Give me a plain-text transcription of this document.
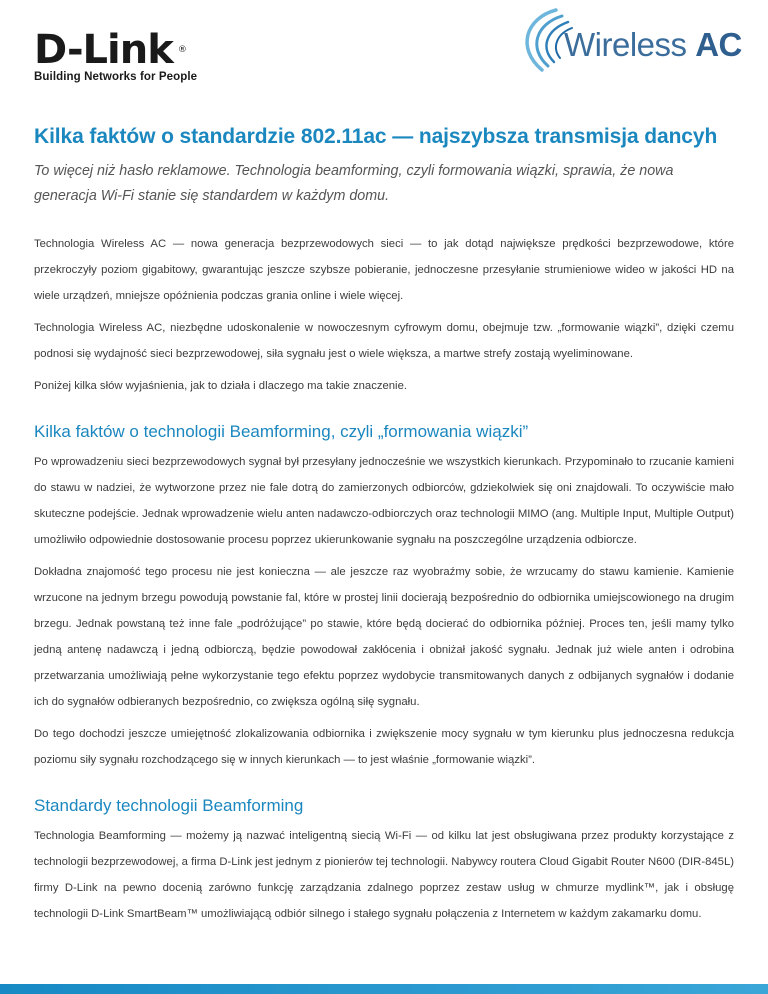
D-Link ®
Building Networks for People
Wireless AC
Kilka faktów o standardzie 802.11ac — najszybsza transmisja dancyh

To więcej niż hasło reklamowe. Technologia beamforming, czyli formowania wiązki, sprawia, że nowa generacja Wi-Fi stanie się standardem w każdym domu.

Technologia Wireless AC — nowa generacja bezprzewodowych sieci — to jak dotąd największe prędkości bezprzewodowe, które przekroczyły poziom gigabitowy, gwarantując jeszcze szybsze pobieranie, jednoczesne przesyłanie strumieniowe wideo w jakości HD na wiele urządzeń, mniejsze opóźnienia podczas grania online i wiele więcej.

Technologia Wireless AC, niezbędne udoskonalenie w nowoczesnym cyfrowym domu, obejmuje tzw. „formowanie wiązki”, dzięki czemu podnosi się wydajność sieci bezprzewodowej, siła sygnału jest o wiele większa, a martwe strefy zostają wyeliminowane.

Poniżej kilka słów wyjaśnienia, jak to działa i dlaczego ma takie znaczenie.

Kilka faktów o technologii Beamforming, czyli „formowania wiązki”

Po wprowadzeniu sieci bezprzewodowych sygnał był przesyłany jednocześnie we wszystkich kierunkach. Przypominało to rzucanie kamieni do stawu w nadziei, że wytworzone przez nie fale dotrą do zamierzonych odbiorców, gdziekolwiek się oni znajdowali. To oczywiście mało skuteczne podejście. Jednak wprowadzenie wielu anten nadawczo-odbiorczych oraz technologii MIMO (ang. Multiple Input, Multiple Output) umożliwiło odpowiednie dostosowanie procesu poprzez ukierunkowanie sygnału na poszczególne urządzenia odbiorcze.

Dokładna znajomość tego procesu nie jest konieczna — ale jeszcze raz wyobraźmy sobie, że wrzucamy do stawu kamienie. Kamienie wrzucone na jednym brzegu powodują powstanie fal, które w prostej linii docierają bezpośrednio do odbiornika umiejscowionego na drugim brzegu. Jednak powstaną też inne fale „podróżujące” po stawie, które będą docierać do odbiornika później. Proces ten, jeśli mamy tylko jedną antenę nadawczą i jedną odbiorczą, będzie powodował zakłócenia i obniżał jakość sygnału. Jednak już wiele anten i odrobina przetwarzania umożliwiają pełne wykorzystanie tego efektu poprzez wydobycie transmitowanych danych z odbijanych sygnałów i dodanie ich do sygnałów odbieranych bezpośrednio, co zwiększa ogólną siłę sygnału.

Do tego dochodzi jeszcze umiejętność zlokalizowania odbiornika i zwiększenie mocy sygnału w tym kierunku plus jednoczesna redukcja poziomu siły sygnału rozchodzącego się w innych kierunkach — to jest właśnie „formowanie wiązki”.

Standardy technologii Beamforming

Technologia Beamforming — możemy ją nazwać inteligentną siecią Wi-Fi — od kilku lat jest obsługiwana przez produkty korzystające z technologii bezprzewodowej, a firma D-Link jest jednym z pionierów tej technologii. Nabywcy routera Cloud Gigabit Router N600 (DIR-845L) firmy D-Link na pewno docenią zarówno funkcję zarządzania zdalnego poprzez zestaw usług w chmurze mydlink™, jak i obsługę technologii D-Link SmartBeam™ umożliwiającą odbiór silnego i stałego sygnału połączenia z Internetem w każdym zakamarku domu.
